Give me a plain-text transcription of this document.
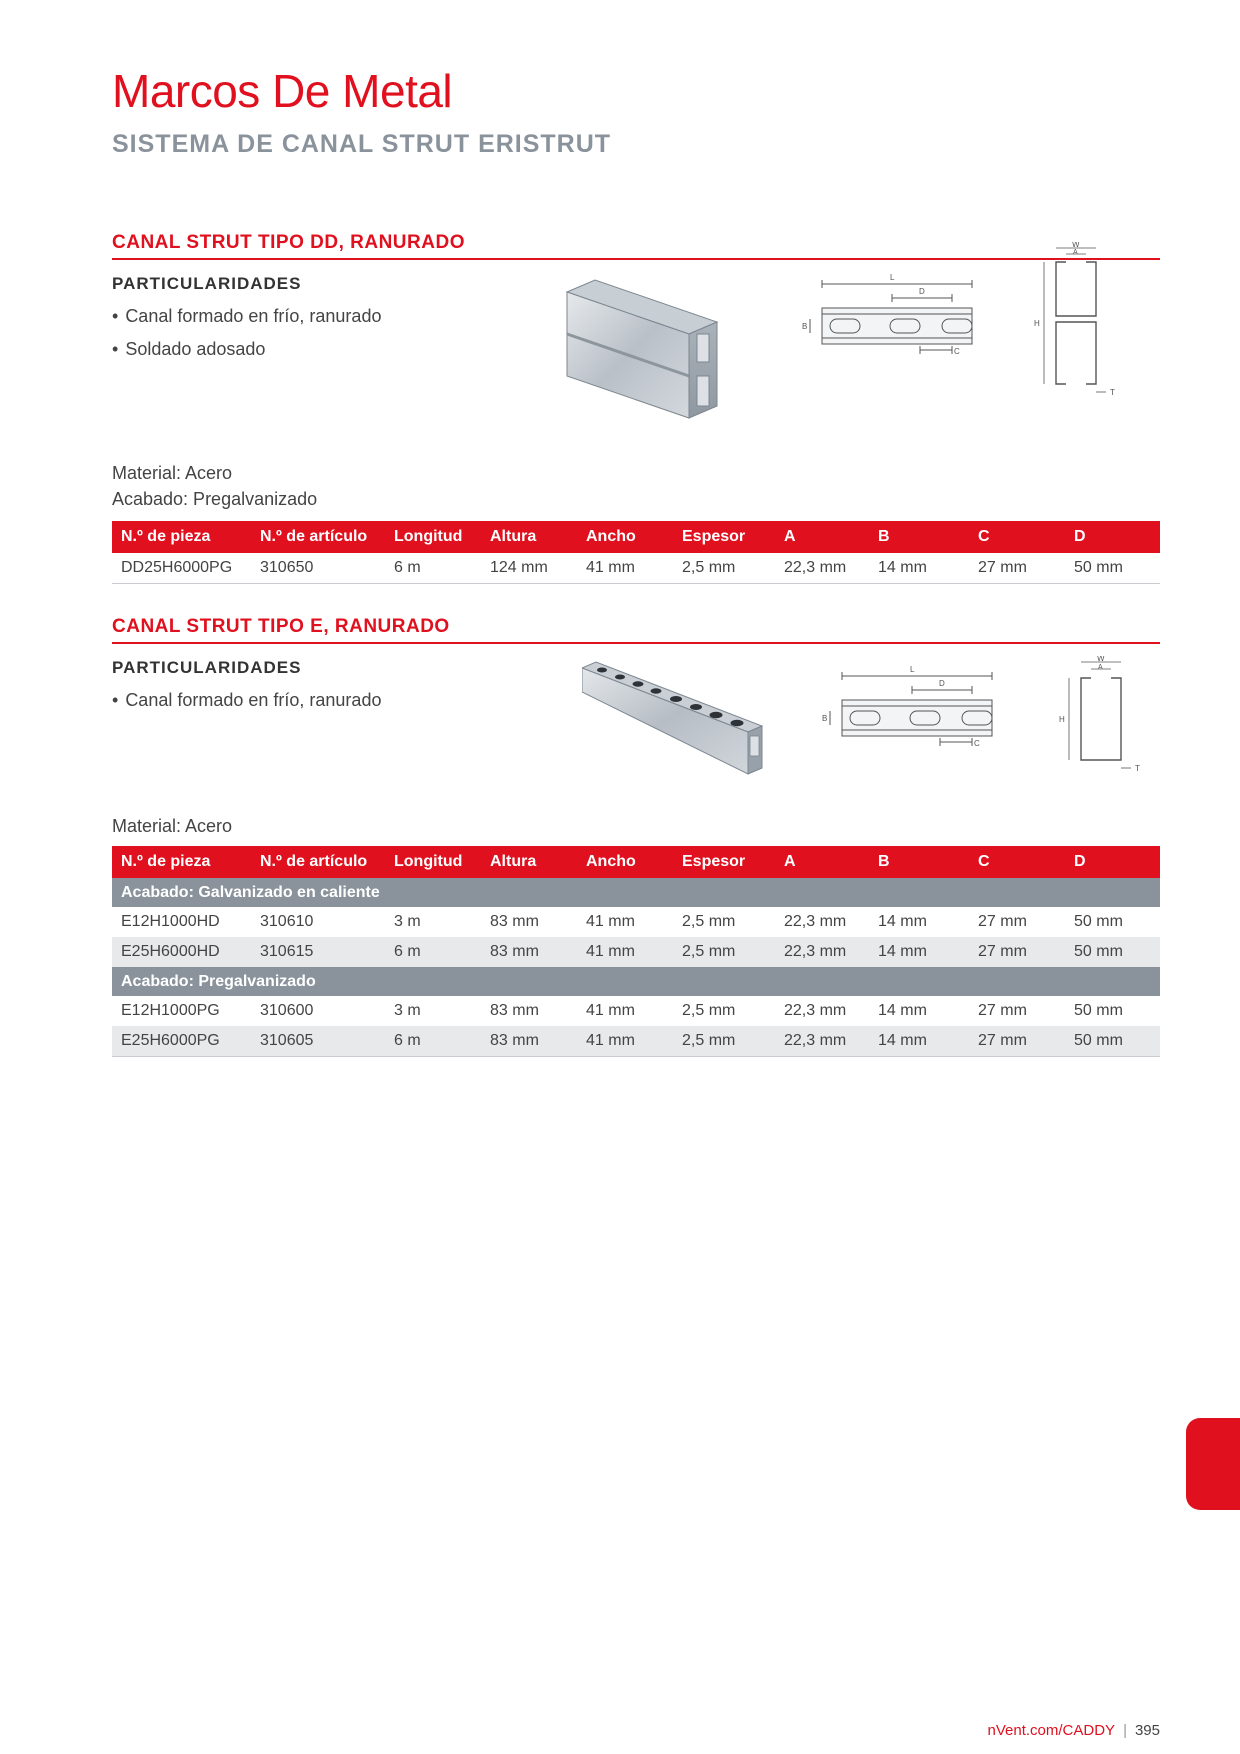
Marcos De Metal
SISTEMA DE CANAL STRUT ERISTRUT
CANAL STRUT TIPO DD, RANURADO
PARTICULARIDADES
• Canal formado en frío, ranurado
• Soldado adosado
L
D
B
C
W
A
H
T
Material: Acero
Acabado: Pregalvanizado
N.º de pieza	N.º de artículo	Longitud	Altura	Ancho	Espesor	A	B	C	D
DD25H6000PG	310650	6 m	124 mm	41 mm	2,5 mm	22,3 mm	14 mm	27 mm	50 mm
CANAL STRUT TIPO E, RANURADO
PARTICULARIDADES
• Canal formado en frío, ranurado
L
D
B
C
W
A
H
T
Material: Acero
N.º de pieza	N.º de artículo	Longitud	Altura	Ancho	Espesor	A	B	C	D
Acabado: Galvanizado en caliente									
E12H1000HD	310610	3 m	83 mm	41 mm	2,5 mm	22,3 mm	14 mm	27 mm	50 mm
E25H6000HD	310615	6 m	83 mm	41 mm	2,5 mm	22,3 mm	14 mm	27 mm	50 mm
Acabado: Pregalvanizado									
E12H1000PG	310600	3 m	83 mm	41 mm	2,5 mm	22,3 mm	14 mm	27 mm	50 mm
E25H6000PG	310605	6 m	83 mm	41 mm	2,5 mm	22,3 mm	14 mm	27 mm	50 mm
nVent.com/CADDY | 395
